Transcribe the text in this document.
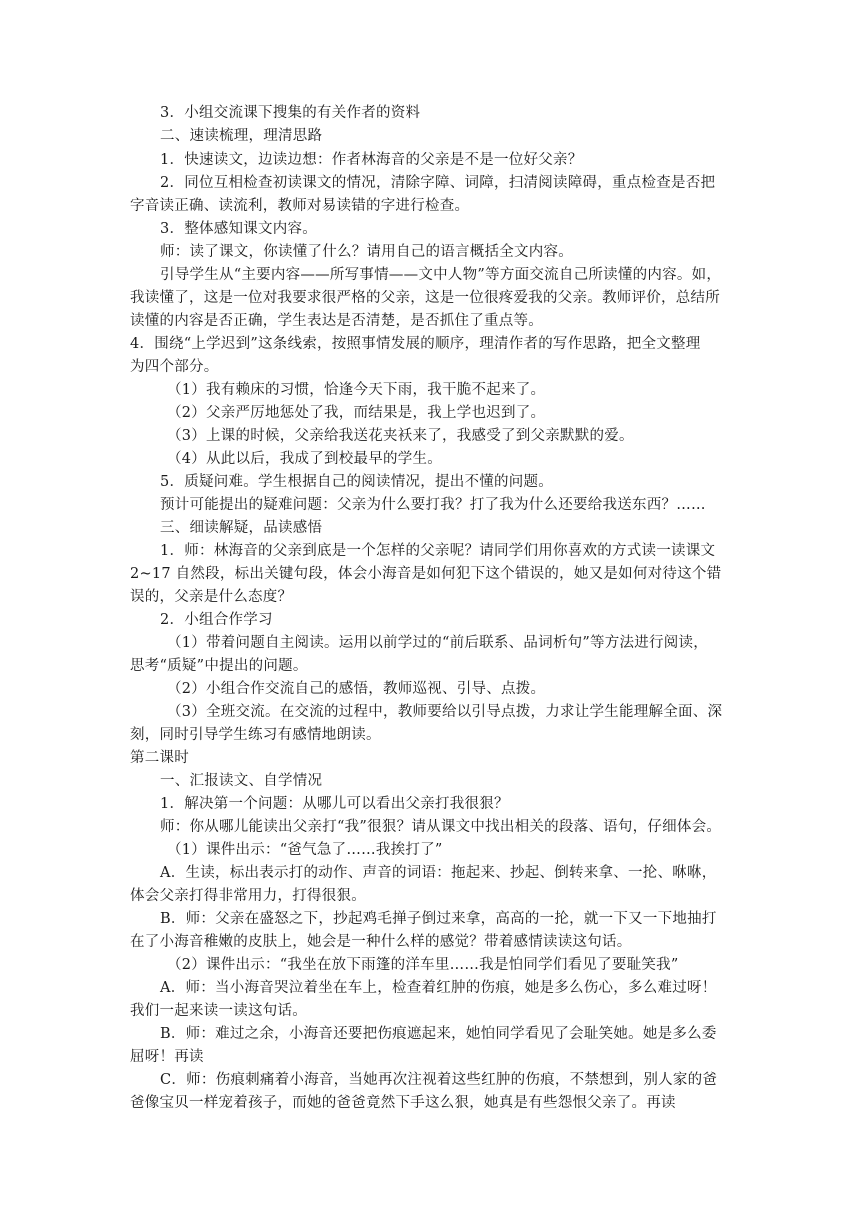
3．小组交流课下搜集的有关作者的资料
二、速读梳理，理清思路
1．快速读文，边读边想：作者林海音的父亲是不是一位好父亲？
2．同位互相检查初读课文的情况，清除字障、词障，扫清阅读障碍，重点检查是否把
字音读正确、读流利，教师对易读错的字进行检查。
3．整体感知课文内容。
师：读了课文，你读懂了什么？请用自己的语言概括全文内容。
引导学生从“主要内容——所写事情——文中人物”等方面交流自己所读懂的内容。如，
我读懂了，这是一位对我要求很严格的父亲，这是一位很疼爱我的父亲。教师评价，总结所
读懂的内容是否正确，学生表达是否清楚，是否抓住了重点等。
4．围绕“上学迟到”这条线索，按照事情发展的顺序，理清作者的写作思路，把全文整理
为四个部分。
（1）我有赖床的习惯，恰逢今天下雨，我干脆不起来了。
（2）父亲严厉地惩处了我，而结果是，我上学也迟到了。
（3）上课的时候，父亲给我送花夹袄来了，我感受了到父亲默默的爱。
（4）从此以后，我成了到校最早的学生。
5．质疑问难。学生根据自己的阅读情况，提出不懂的问题。
预计可能提出的疑难问题：父亲为什么要打我？打了我为什么还要给我送东西？……
三、细读解疑，品读感悟
1．师：林海音的父亲到底是一个怎样的父亲呢？请同学们用你喜欢的方式读一读课文
2~17 自然段，标出关键句段，体会小海音是如何犯下这个错误的，她又是如何对待这个错
误的，父亲是什么态度？
2．小组合作学习
（1）带着问题自主阅读。运用以前学过的“前后联系、品词析句”等方法进行阅读，
思考“质疑”中提出的问题。
（2）小组合作交流自己的感悟，教师巡视、引导、点拨。
（3）全班交流。在交流的过程中，教师要给以引导点拨，力求让学生能理解全面、深
刻，同时引导学生练习有感情地朗读。
第二课时
一、汇报读文、自学情况
1．解决第一个问题：从哪儿可以看出父亲打我很狠？
师：你从哪儿能读出父亲打“我”很狠？请从课文中找出相关的段落、语句，仔细体会。
（1）课件出示：“爸气急了……我挨打了”
A．生读，标出表示打的动作、声音的词语：拖起来、抄起、倒转来拿、一抡、咻咻，
体会父亲打得非常用力，打得很狠。
B．师：父亲在盛怒之下，抄起鸡毛掸子倒过来拿，高高的一抡，就一下又一下地抽打
在了小海音稚嫩的皮肤上，她会是一种什么样的感觉？带着感情读读这句话。
（2）课件出示：“我坐在放下雨篷的洋车里……我是怕同学们看见了要耻笑我”
A．师：当小海音哭泣着坐在车上，检查着红肿的伤痕，她是多么伤心，多么难过呀！
我们一起来读一读这句话。
B．师：难过之余，小海音还要把伤痕遮起来，她怕同学看见了会耻笑她。她是多么委
屈呀！再读
C．师：伤痕刺痛着小海音，当她再次注视着这些红肿的伤痕，不禁想到，别人家的爸
爸像宝贝一样宠着孩子，而她的爸爸竟然下手这么狠，她真是有些怨恨父亲了。再读
